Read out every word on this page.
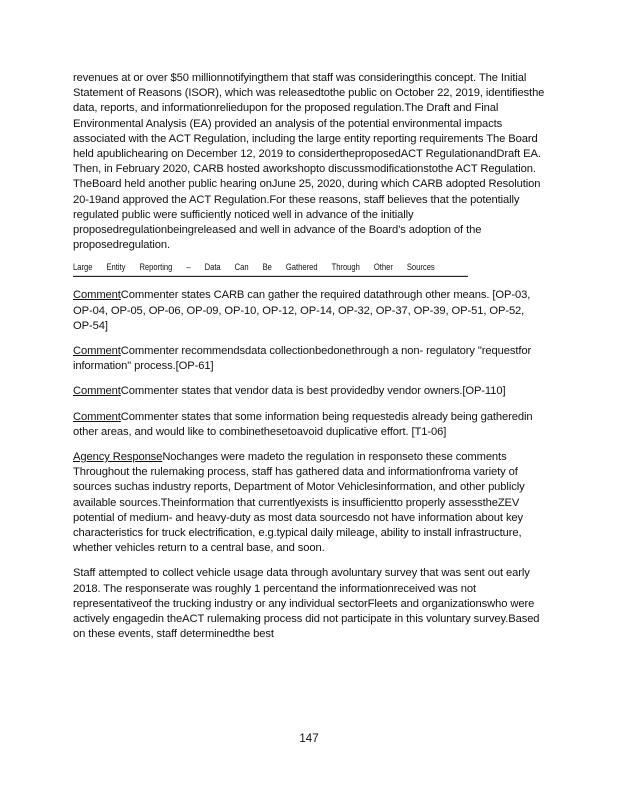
revenues at or over $50 millionnotifyingthem that staff was consideringthis concept. The Initial Statement of Reasons (ISOR), which was releasedtothe public on October 22, 2019, identifiesthe data, reports, and informationreliedupon for the proposed regulation.The Draft and Final Environmental Analysis (EA) provided an analysis of the potential environmental impacts associated with the ACT Regulation, including the large entity reporting requirements The Board held apublichearing on December 12, 2019 to considertheproposedACT RegulationandDraft EA. Then, in February 2020, CARB hosted aworkshopto discussmodificationstothe ACT Regulation. TheBoard held another public hearing onJune 25, 2020, during which CARB adopted Resolution 20-19and approved the ACT Regulation.For these reasons, staff believes that the potentially regulated public were sufficiently noticed well in advance of the initially proposedregulationbeingreleased and well in advance of the Board’s adoption of the proposedregulation.

Large Entity Reporting – Data Can Be Gathered Through Other Sources

CommentCommenter states CARB can gather the required datathrough other means. [OP-03, OP-04, OP-05, OP-06, OP-09, OP-10, OP-12, OP-14, OP-32, OP-37, OP-39, OP-51, OP-52, OP-54]

CommentCommenter recommendsdata collectionbedonethrough a non- regulatory "requestfor information" process.[OP-61]

CommentCommenter states that vendor data is best providedby vendor owners.[OP-110]

CommentCommenter states that some information being requestedis already being gatheredin other areas, and would like to combinethesetoavoid duplicative effort. [T1-06]

Agency ResponseNochanges were madeto the regulation in responseto these comments Throughout the rulemaking process, staff has gathered data and informationfroma variety of sources suchas industry reports, Department of Motor Vehiclesinformation, and other publicly available sources.Theinformation that currentlyexists is insufficientto properly assesstheZEV potential of medium- and heavy-duty as most data sourcesdo not have information about key characteristics for truck electrification, e.g.typical daily mileage, ability to install infrastructure, whether vehicles return to a central base, and soon.

Staff attempted to collect vehicle usage data through avoluntary survey that was sent out early 2018. The responserate was roughly 1 percentand the informationreceived was not representativeof the trucking industry or any individual sectorFleets and organizationswho were actively engagedin theACT rulemaking process did not participate in this voluntary survey.Based on these events, staff determinedthe best

147
